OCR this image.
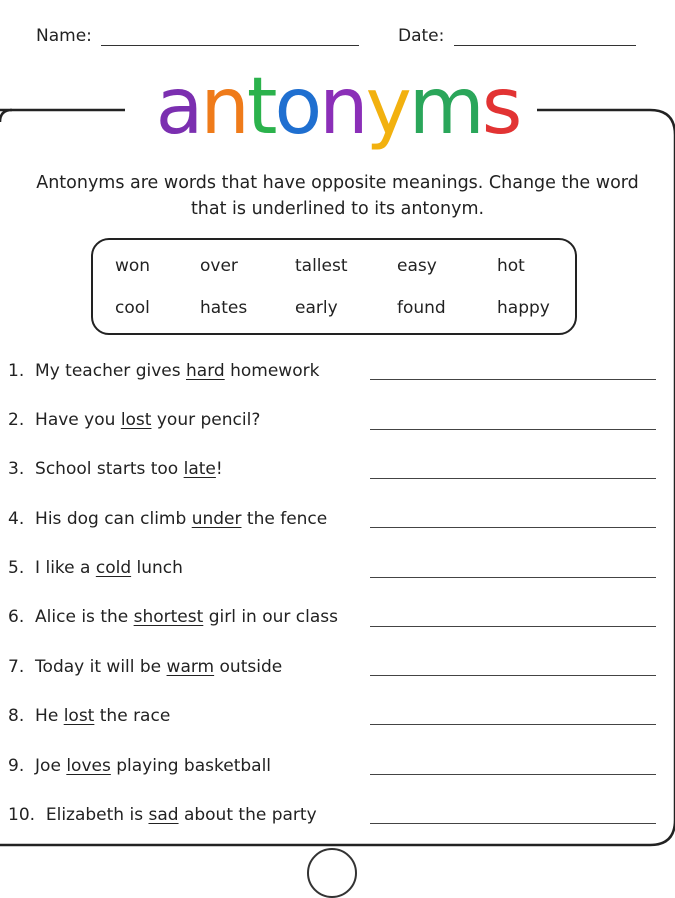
Name:	Date:
antonyms
Antonyms are words that have opposite meanings. Change the word
that is underlined to its antonym.
won	over	tallest	easy	hot
cool	hates	early	found	happy
1. My teacher gives hard homework
2. Have you lost your pencil?
3. School starts too late!
4. His dog can climb under the fence
5. I like a cold lunch
6. Alice is the shortest girl in our class
7. Today it will be warm outside
8. He lost the race
9. Joe loves playing basketball
10. Elizabeth is sad about the party
